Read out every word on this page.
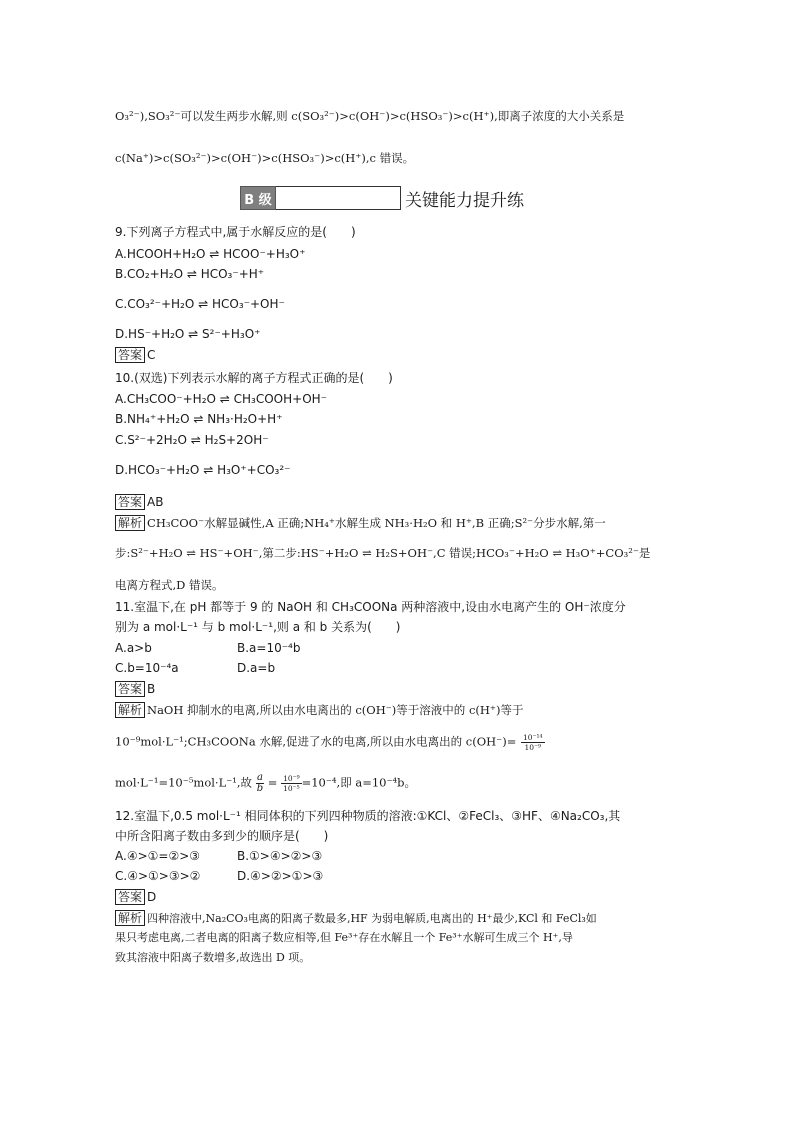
O₃²⁻),SO₃²⁻可以发生两步水解,则 c(SO₃²⁻)>c(OH⁻)>c(HSO₃⁻)>c(H⁺),即离子浓度的大小关系是
c(Na⁺)>c(SO₃²⁻)>c(OH⁻)>c(HSO₃⁻)>c(H⁺),c 错误。
B 级	关键能力提升练
9.下列离子方程式中,属于水解反应的是(　　)
A.HCOOH+H₂O ⇌ HCOO⁻+H₃O⁺
B.CO₂+H₂O ⇌ HCO₃⁻+H⁺
C.CO₃²⁻+H₂O ⇌ HCO₃⁻+OH⁻
D.HS⁻+H₂O ⇌ S²⁻+H₃O⁺
答案 C
10.(双选)下列表示水解的离子方程式正确的是(　　)
A.CH₃COO⁻+H₂O ⇌ CH₃COOH+OH⁻
B.NH₄⁺+H₂O ⇌ NH₃·H₂O+H⁺
C.S²⁻+2H₂O ⇌ H₂S+2OH⁻
D.HCO₃⁻+H₂O ⇌ H₃O⁺+CO₃²⁻
答案 AB
解析 CH₃COO⁻水解显碱性,A 正确;NH₄⁺水解生成 NH₃·H₂O 和 H⁺,B 正确;S²⁻分步水解,第一
步:S²⁻+H₂O ⇌ HS⁻+OH⁻,第二步:HS⁻+H₂O ⇌ H₂S+OH⁻,C 错误;HCO₃⁻+H₂O ⇌ H₃O⁺+CO₃²⁻是
电离方程式,D 错误。
11.室温下,在 pH 都等于 9 的 NaOH 和 CH₃COONa 两种溶液中,设由水电离产生的 OH⁻浓度分
别为 a mol·L⁻¹ 与 b mol·L⁻¹,则 a 和 b 关系为(　　)
A.a>b	B.a=10⁻⁴b
C.b=10⁻⁴a	D.a=b
答案 B
解析 NaOH 抑制水的电离,所以由水电离出的 c(OH⁻)等于溶液中的 c(H⁺)等于
10⁻⁹mol·L⁻¹;CH₃COONa 水解,促进了水的电离,所以由水电离出的 $c(OH^-)= \frac{\text{10⁻¹⁴}}{\text{10⁻⁹}}$
mol·L⁻¹=10⁻⁵mol·L⁻¹,故 $\frac{a}{b} = \frac{\text{10⁻⁹}}{\text{10⁻⁵}} =10^{-4}$,即 a=10⁻⁴b。
12.室温下,0.5 mol·L⁻¹ 相同体积的下列四种物质的溶液:①KCl、②FeCl₃、③HF、④Na₂CO₃,其
中所含阳离子数由多到少的顺序是(　　)
A.④>①=②>③	B.①>④>②>③
C.④>①>③>②	D.④>②>①>③
答案 D
解析 四种溶液中,Na₂CO₃电离的阳离子数最多,HF 为弱电解质,电离出的 H⁺最少,KCl 和 FeCl₃如
果只考虑电离,二者电离的阳离子数应相等,但 Fe³⁺存在水解且一个 Fe³⁺水解可生成三个 H⁺,导
致其溶液中阳离子数增多,故选出 D 项。
